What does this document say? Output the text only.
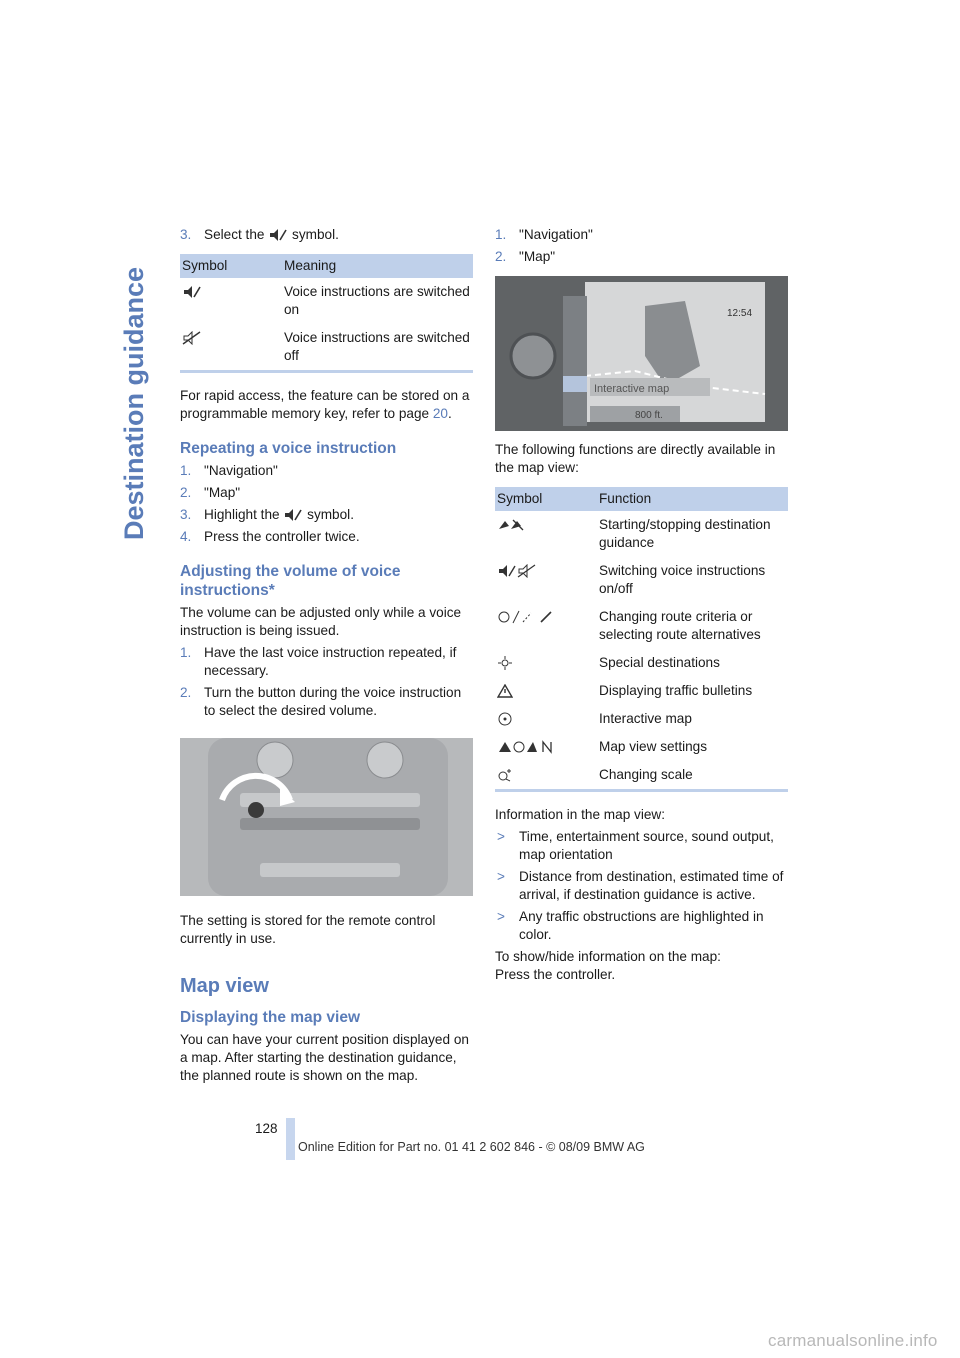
Destination guidance
3. Select the symbol.
Symbol	Meaning
	Voice instructions are switched on
	Voice instructions are switched off

For rapid access, the feature can be stored on a programmable memory key, refer to page 20.

Repeating a voice instruction
1. "Navigation"
2. "Map"
3. Highlight the symbol.
4. Press the controller twice.
Adjusting the volume of voice instructions*

The volume can be adjusted only while a voice instruction is being issued.

1. Have the last voice instruction repeated, if necessary.
2. Turn the button during the voice instruction to select the desired volume.

The setting is stored for the remote control currently in use.

Map view
Displaying the map view

You can have your current position displayed on a map. After starting the destination guidance, the planned route is shown on the map.

1. "Navigation"
2. "Map"
Interactive map
12:54
800 ft.

The following functions are directly available in the map view:

Symbol	Function
	Starting/stopping destination guidance
	Switching voice instructions on/off
	Changing route criteria or selecting route alternatives
	Special destinations
	Displaying traffic bulletins
	Interactive map
	Map view settings
	Changing scale

Information in the map view:

> Time, entertainment source, sound output, map orientation
> Distance from destination, estimated time of arrival, if destination guidance is active.
> Any traffic obstructions are highlighted in color.

To show/hide information on the map:

Press the controller.

128
Online Edition for Part no. 01 41 2 602 846 - © 08/09 BMW AG
carmanualsonline.info
